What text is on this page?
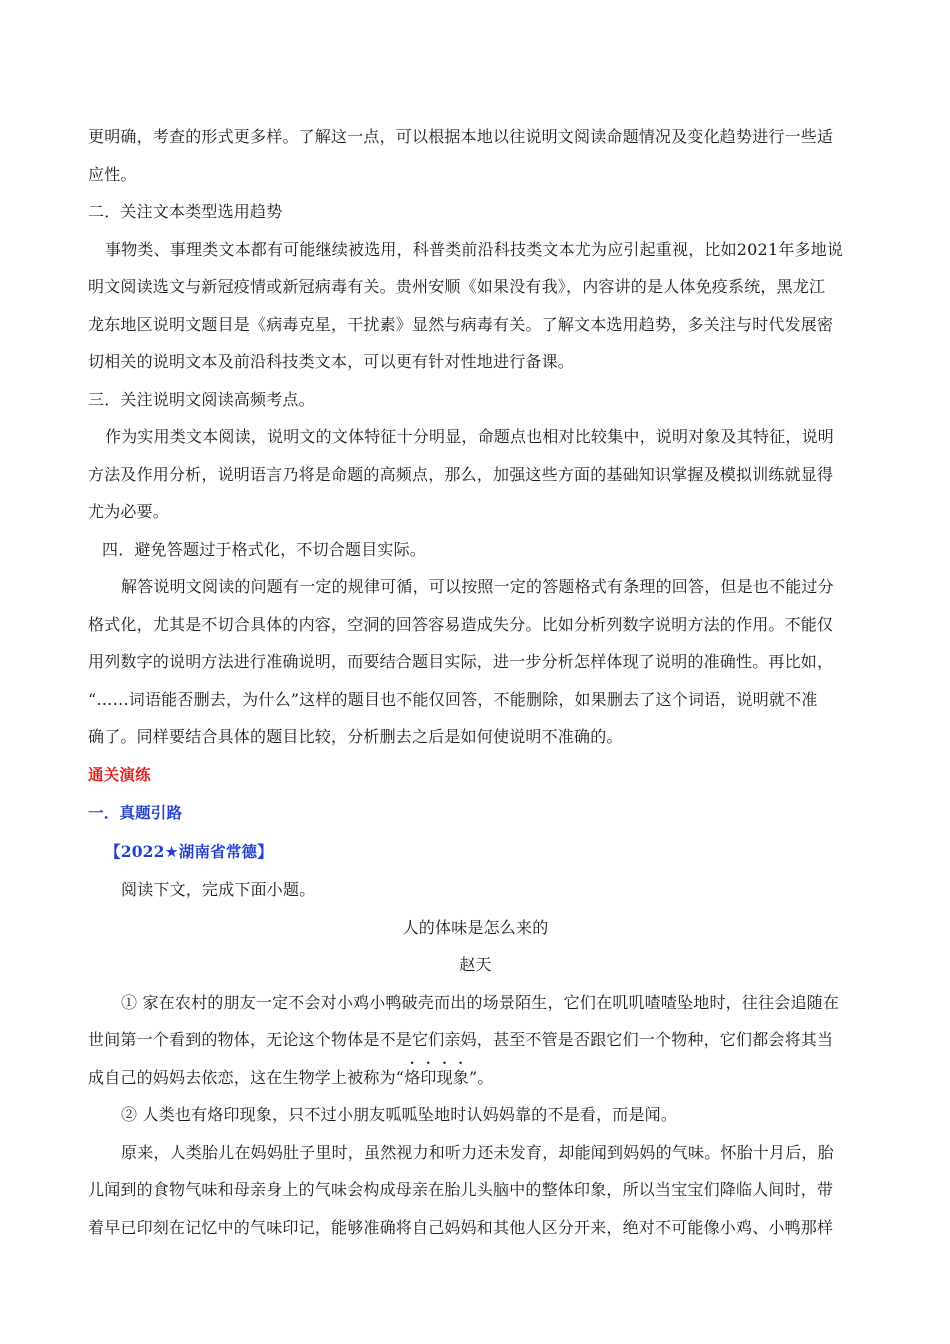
更明确，考查的形式更多样。了解这一点，可以根据本地以往说明文阅读命题情况及变化趋势进行一些适

应性。

二．关注文本类型选用趋势

事物类、事理类文本都有可能继续被选用，科普类前沿科技类文本尤为应引起重视，比如2021年多地说

明文阅读选文与新冠疫情或新冠病毒有关。贵州安顺《如果没有我》，内容讲的是人体免疫系统，黑龙江

龙东地区说明文题目是《病毒克星，干扰素》显然与病毒有关。了解文本选用趋势，多关注与时代发展密

切相关的说明文本及前沿科技类文本，可以更有针对性地进行备课。

三．关注说明文阅读高频考点。

作为实用类文本阅读，说明文的文体特征十分明显，命题点也相对比较集中，说明对象及其特征，说明

方法及作用分析，说明语言乃将是命题的高频点，那么，加强这些方面的基础知识掌握及模拟训练就显得

尤为必要。

四．避免答题过于格式化，不切合题目实际。

解答说明文阅读的问题有一定的规律可循，可以按照一定的答题格式有条理的回答，但是也不能过分

格式化，尤其是不切合具体的内容，空洞的回答容易造成失分。比如分析列数字说明方法的作用。不能仅

用列数字的说明方法进行准确说明，而要结合题目实际，进一步分析怎样体现了说明的准确性。再比如，

“……词语能否删去，为什么”这样的题目也不能仅回答，不能删除，如果删去了这个词语，说明就不准

确了。同样要结合具体的题目比较，分析删去之后是如何使说明不准确的。

通关演练

一．真题引路

【2022★湖南省常德】

阅读下文，完成下面小题。

人的体味是怎么来的

赵天

① 家在农村的朋友一定不会对小鸡小鸭破壳而出的场景陌生，它们在叽叽喳喳坠地时，往往会追随在

世间第一个看到的物体，无论这个物体是不是它们亲妈，甚至不管是否跟它们一个物种，它们都会将其当

成自己的妈妈去依恋，这在生物学上被称为“烙印现象”。

② 人类也有烙印现象，只不过小朋友呱呱坠地时认妈妈靠的不是看，而是闻。

原来，人类胎儿在妈妈肚子里时，虽然视力和听力还未发育，却能闻到妈妈的气味。怀胎十月后，胎

儿闻到的食物气味和母亲身上的气味会构成母亲在胎儿头脑中的整体印象，所以当宝宝们降临人间时，带

着早已印刻在记忆中的气味印记，能够准确将自己妈妈和其他人区分开来，绝对不可能像小鸡、小鸭那样
